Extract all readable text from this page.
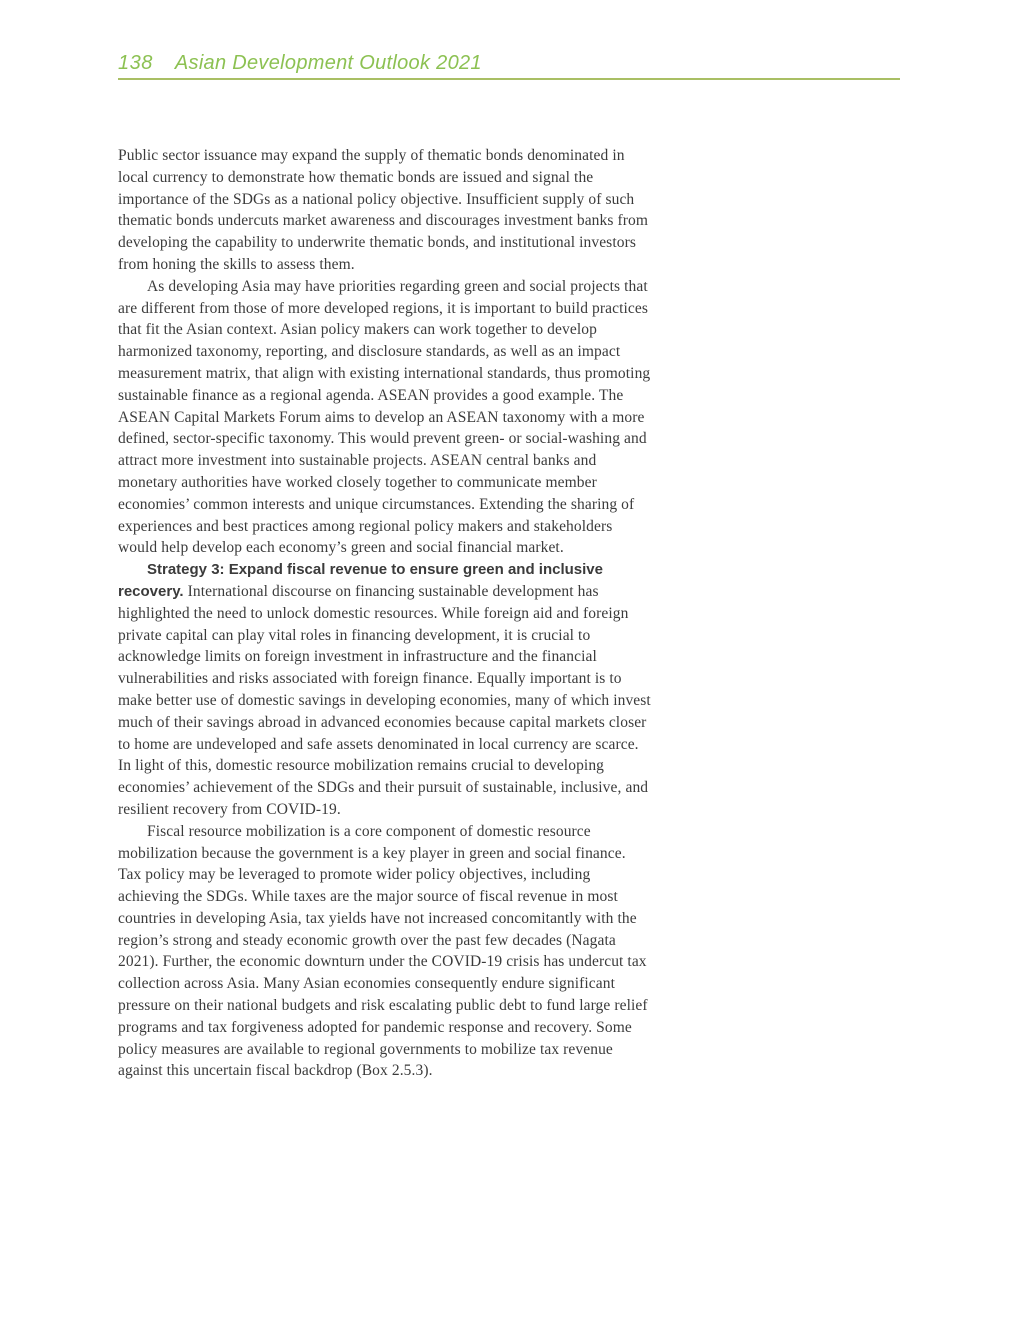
138 Asian Development Outlook 2021

Public sector issuance may expand the supply of thematic bonds denominated in local currency to demonstrate how thematic bonds are issued and signal the importance of the SDGs as a national policy objective. Insufficient supply of such thematic bonds undercuts market awareness and discourages investment banks from developing the capability to underwrite thematic bonds, and institutional investors from honing the skills to assess them.

As developing Asia may have priorities regarding green and social projects that are different from those of more developed regions, it is important to build practices that fit the Asian context. Asian policy makers can work together to develop harmonized taxonomy, reporting, and disclosure standards, as well as an impact measurement matrix, that align with existing international standards, thus promoting sustainable finance as a regional agenda. ASEAN provides a good example. The ASEAN Capital Markets Forum aims to develop an ASEAN taxonomy with a more defined, sector-specific taxonomy. This would prevent green- or social-washing and attract more investment into sustainable projects. ASEAN central banks and monetary authorities have worked closely together to communicate member economies’ common interests and unique circumstances. Extending the sharing of experiences and best practices among regional policy makers and stakeholders would help develop each economy’s green and social financial market.

Strategy 3: Expand fiscal revenue to ensure green and inclusive recovery. International discourse on financing sustainable development has highlighted the need to unlock domestic resources. While foreign aid and foreign private capital can play vital roles in financing development, it is crucial to acknowledge limits on foreign investment in infrastructure and the financial vulnerabilities and risks associated with foreign finance. Equally important is to make better use of domestic savings in developing economies, many of which invest much of their savings abroad in advanced economies because capital markets closer to home are undeveloped and safe assets denominated in local currency are scarce. In light of this, domestic resource mobilization remains crucial to developing economies’ achievement of the SDGs and their pursuit of sustainable, inclusive, and resilient recovery from COVID-19.

Fiscal resource mobilization is a core component of domestic resource mobilization because the government is a key player in green and social finance. Tax policy may be leveraged to promote wider policy objectives, including achieving the SDGs. While taxes are the major source of fiscal revenue in most countries in developing Asia, tax yields have not increased concomitantly with the region’s strong and steady economic growth over the past few decades (Nagata 2021). Further, the economic downturn under the COVID-19 crisis has undercut tax collection across Asia. Many Asian economies consequently endure significant pressure on their national budgets and risk escalating public debt to fund large relief programs and tax forgiveness adopted for pandemic response and recovery. Some policy measures are available to regional governments to mobilize tax revenue against this uncertain fiscal backdrop (Box 2.5.3).
